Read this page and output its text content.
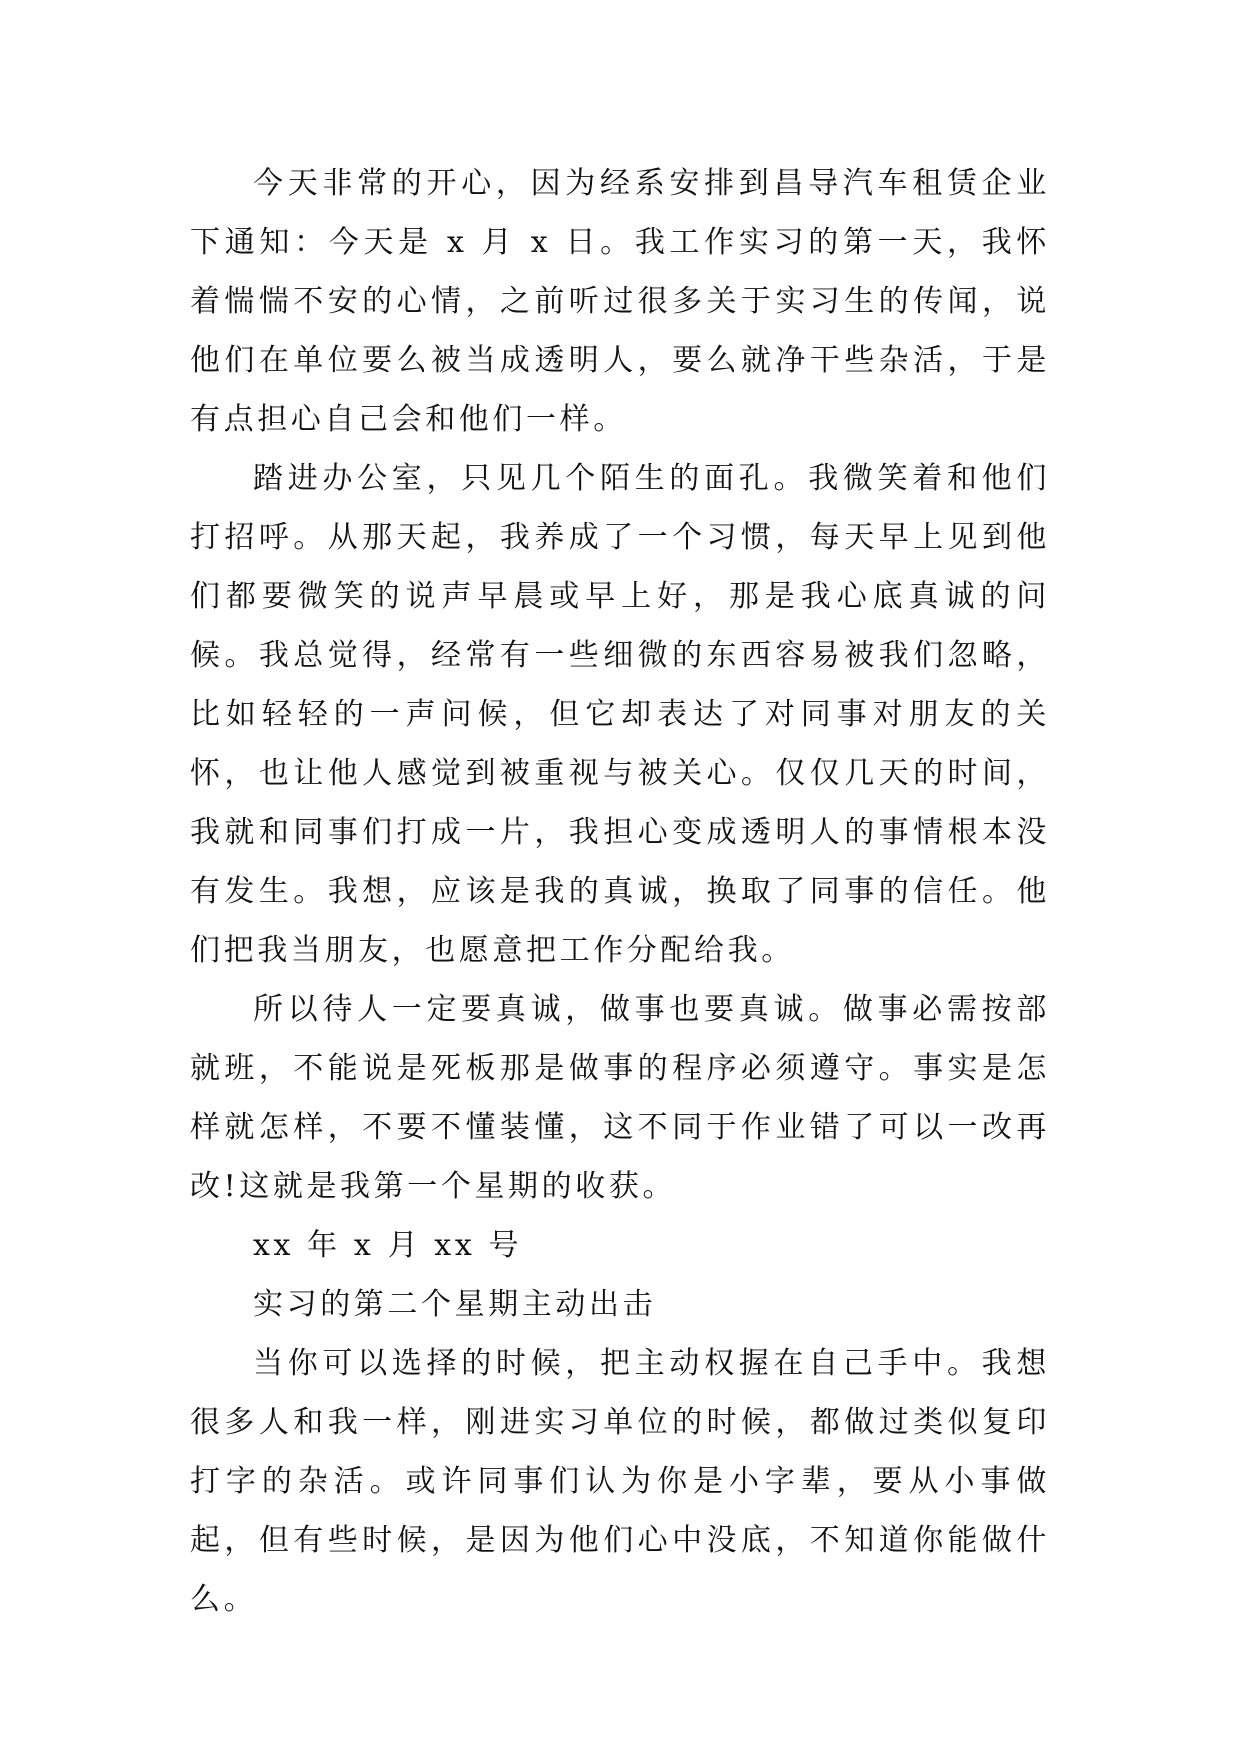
今天非常的开心，因为经系安排到昌导汽车租赁企业下通知：今天是 x 月 x 日。我工作实习的第一天，我怀着惴惴不安的心情，之前听过很多关于实习生的传闻，说他们在单位要么被当成透明人，要么就净干些杂活，于是有点担心自己会和他们一样。

踏进办公室，只见几个陌生的面孔。我微笑着和他们打招呼。从那天起，我养成了一个习惯，每天早上见到他们都要微笑的说声早晨或早上好，那是我心底真诚的问候。我总觉得，经常有一些细微的东西容易被我们忽略，比如轻轻的一声问候，但它却表达了对同事对朋友的关怀，也让他人感觉到被重视与被关心。仅仅几天的时间，我就和同事们打成一片，我担心变成透明人的事情根本没有发生。我想，应该是我的真诚，换取了同事的信任。他们把我当朋友，也愿意把工作分配给我。

所以待人一定要真诚，做事也要真诚。做事必需按部就班，不能说是死板那是做事的程序必须遵守。事实是怎样就怎样，不要不懂装懂，这不同于作业错了可以一改再改!这就是我第一个星期的收获。

xx 年 x 月 xx 号

实习的第二个星期主动出击

当你可以选择的时候，把主动权握在自己手中。我想很多人和我一样，刚进实习单位的时候，都做过类似复印打字的杂活。或许同事们认为你是小字辈，要从小事做起，但有些时候，是因为他们心中没底，不知道你能做什么。
